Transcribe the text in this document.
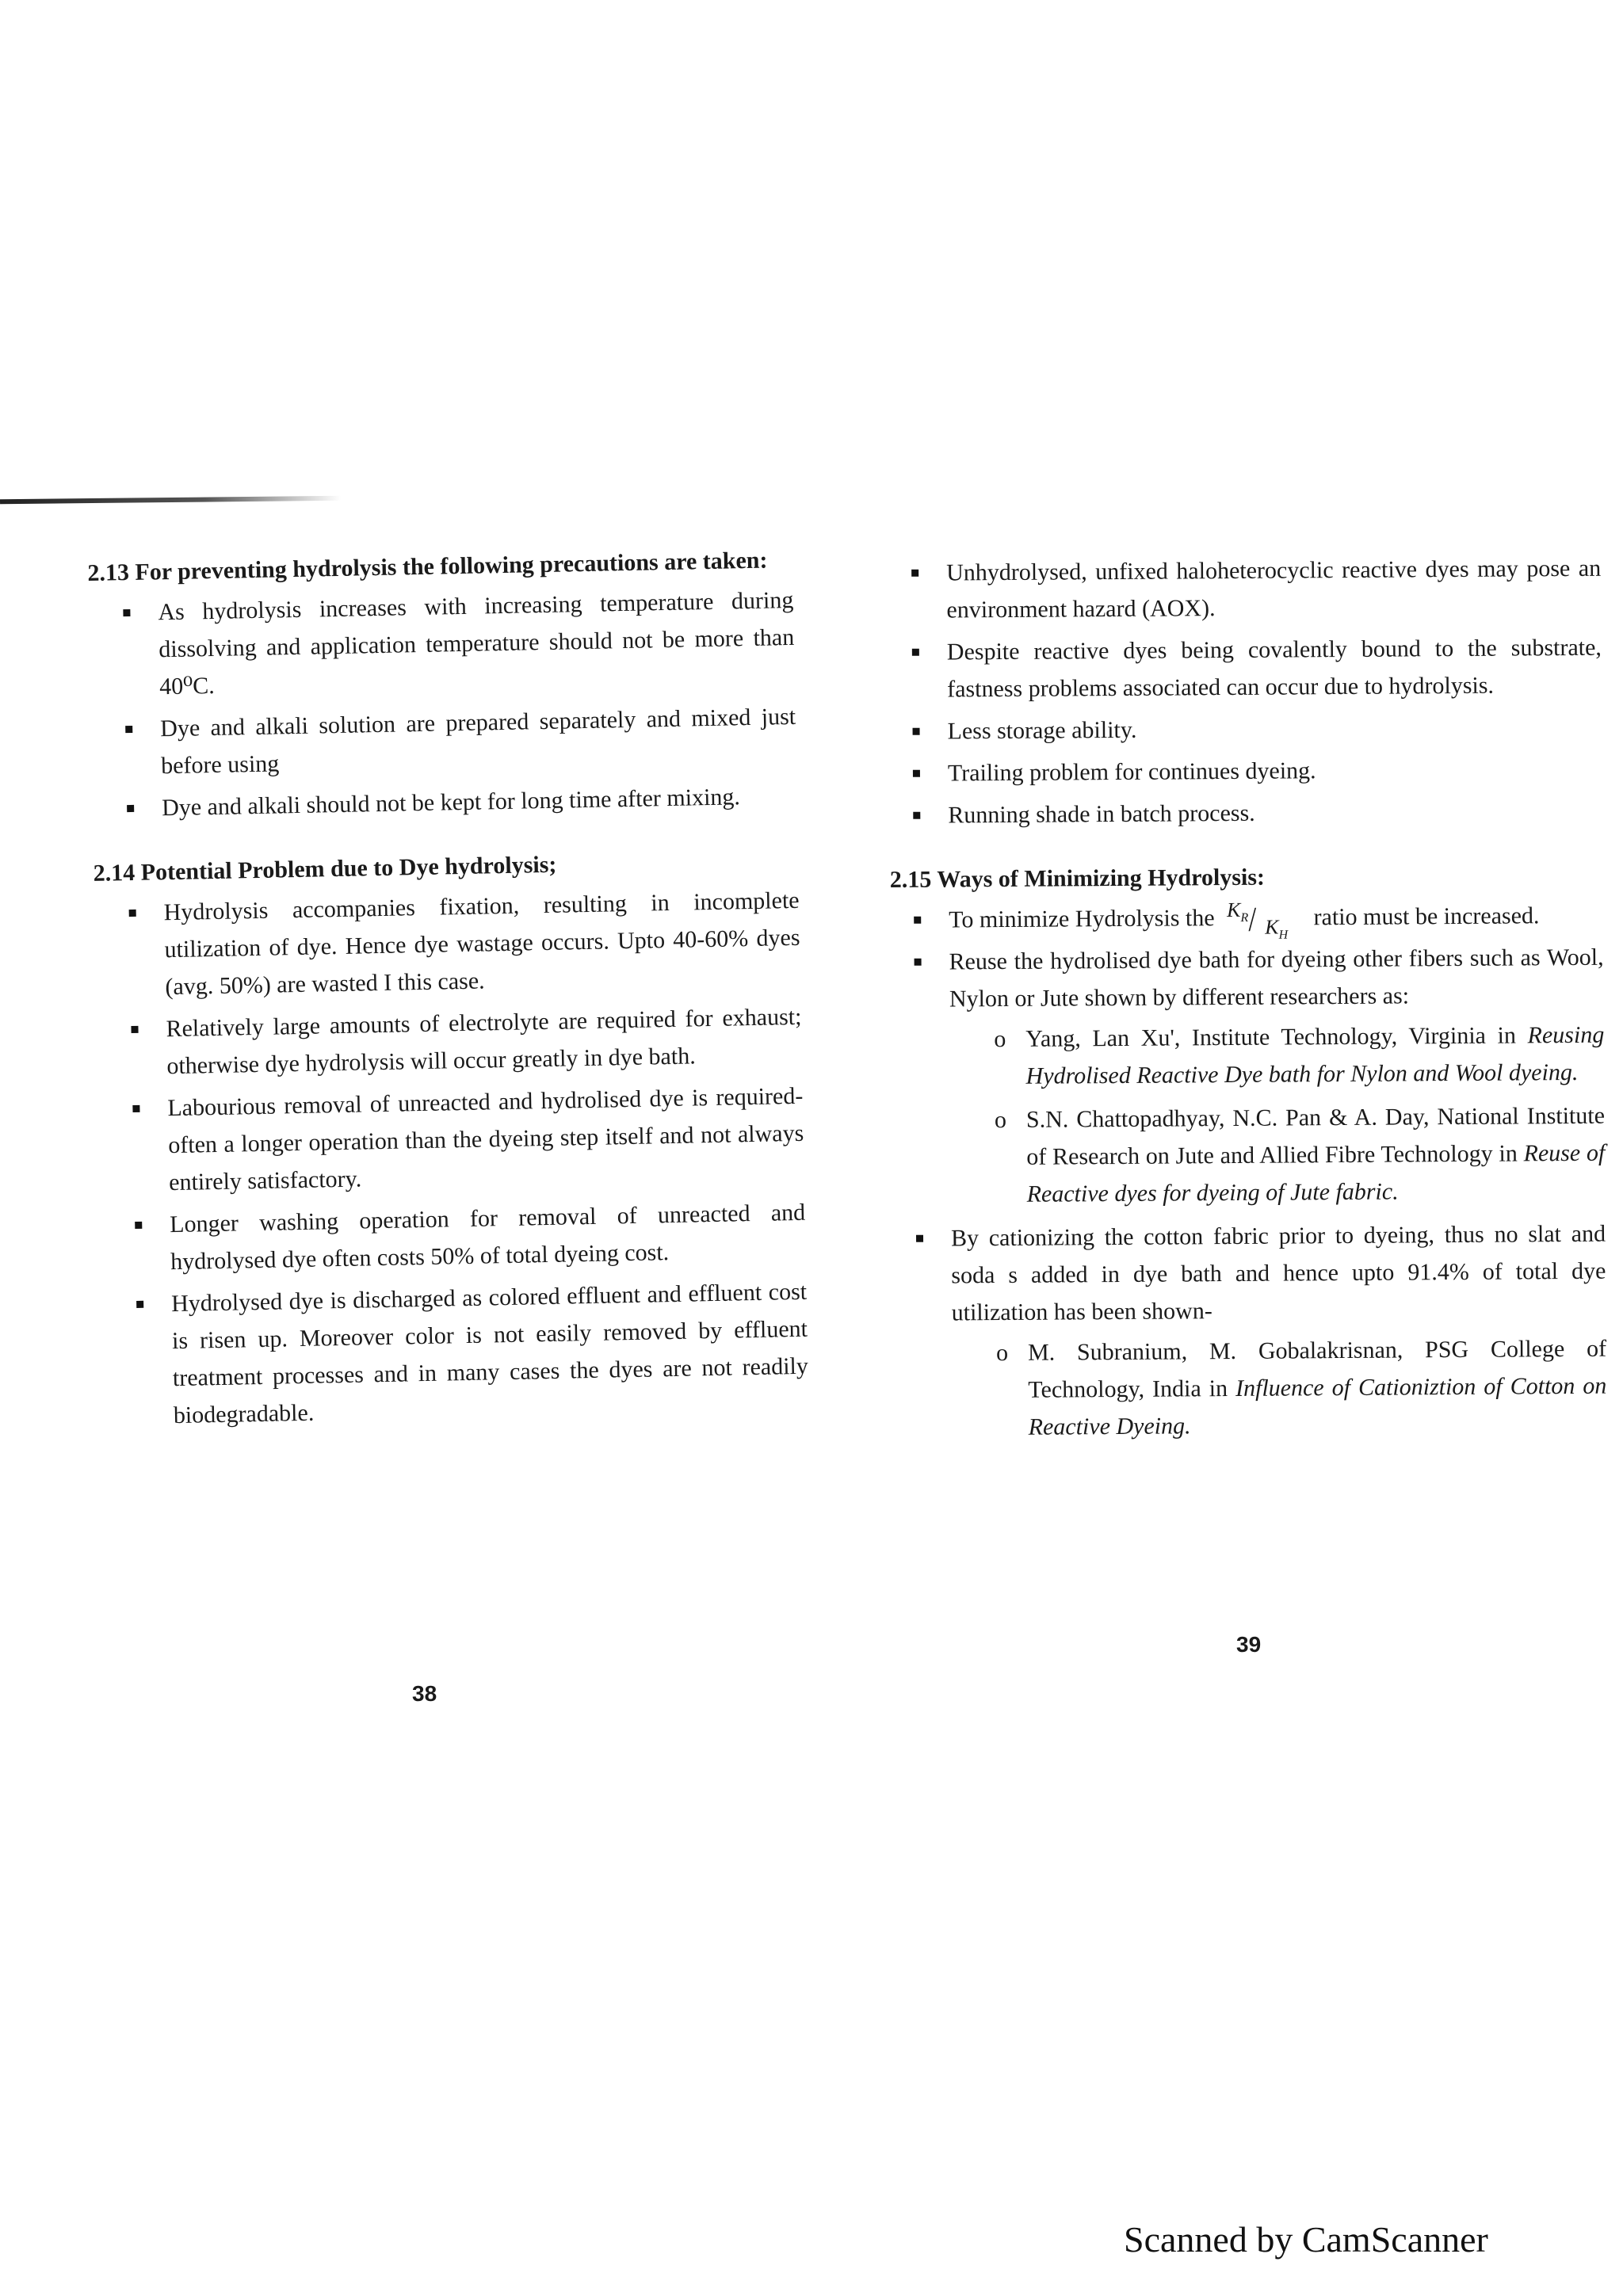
2.13 For preventing hydrolysis the following precautions are taken:
As hydrolysis increases with increasing temperature during dissolving and application temperature should not be more than 40⁰C.
Dye and alkali solution are prepared separately and mixed just before using
Dye and alkali should not be kept for long time after mixing.
2.14 Potential Problem due to Dye hydrolysis;
Hydrolysis accompanies fixation, resulting in incomplete utilization of dye. Hence dye wastage occurs. Upto 40-60% dyes (avg. 50%) are wasted I this case.
Relatively large amounts of electrolyte are required for exhaust; otherwise dye hydrolysis will occur greatly in dye bath.
Labourious removal of unreacted and hydrolised dye is required-often a longer operation than the dyeing step itself and not always entirely satisfactory.
Longer washing operation for removal of unreacted and hydrolysed dye often costs 50% of total dyeing cost.
Hydrolysed dye is discharged as colored effluent and effluent cost is risen up. Moreover color is not easily removed by effluent treatment processes and in many cases the dyes are not readily biodegradable.
38
Unhydrolysed, unfixed haloheterocyclic reactive dyes may pose an environment hazard (AOX).
Despite reactive dyes being covalently bound to the substrate, fastness problems associated can occur due to hydrolysis.
Less storage ability.
Trailing problem for continues dyeing.
Running shade in batch process.
2.15 Ways of Minimizing Hydrolysis:
To minimize Hydrolysis the $K_R / K_H$
ratio must be increased.
Reuse the hydrolised dye bath for dyeing other fibers such as Wool, Nylon or Jute shown by different researchers as:
o Yang, Lan Xu', Institute Technology, Virginia in Reusing Hydrolised Reactive Dye bath for Nylon and Wool dyeing.
o S.N. Chattopadhyay, N.C. Pan & A. Day, National Institute of Research on Jute and Allied Fibre Technology in Reuse of Reactive dyes for dyeing of Jute fabric.
By cationizing the cotton fabric prior to dyeing, thus no slat and soda s added in dye bath and hence upto 91.4% of total dye utilization has been shown-
o M. Subranium, M. Gobalakrisnan, PSG College of Technology, India in Influence of Cationiztion of Cotton on Reactive Dyeing.
39
Scanned by CamScanner
